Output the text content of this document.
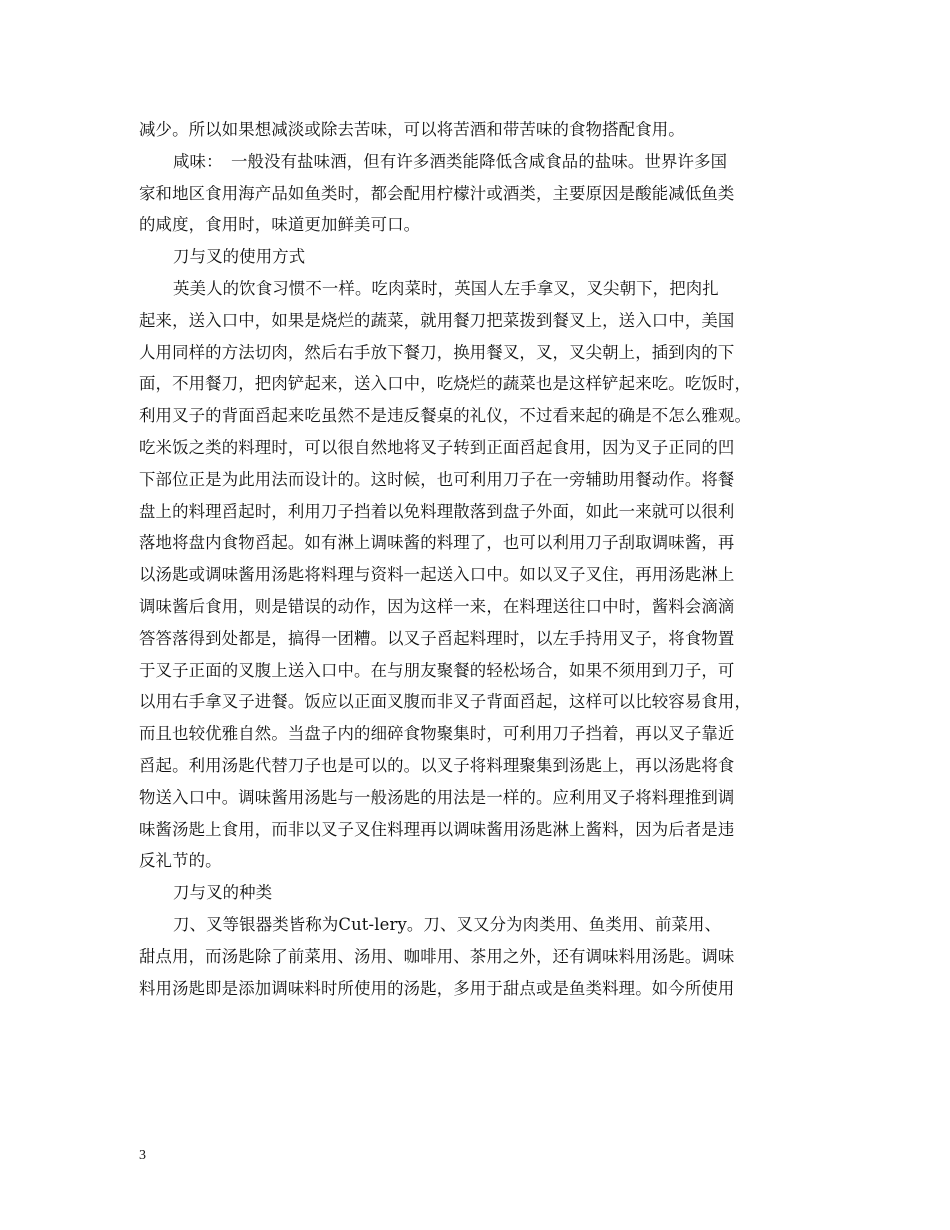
减少。所以如果想减淡或除去苦味，可以将苦酒和带苦味的食物搭配食用。
咸味：　一般没有盐味酒，但有许多酒类能降低含咸食品的盐味。世界许多国
家和地区食用海产品如鱼类时，都会配用柠檬汁或酒类，主要原因是酸能减低鱼类
的咸度，食用时，味道更加鲜美可口。
刀与叉的使用方式
英美人的饮食习惯不一样。吃肉菜时，英国人左手拿叉，叉尖朝下，把肉扎
起来，送入口中，如果是烧烂的蔬菜，就用餐刀把菜拨到餐叉上，送入口中，美国
人用同样的方法切肉，然后右手放下餐刀，换用餐叉，叉，叉尖朝上，插到肉的下
面，不用餐刀，把肉铲起来，送入口中，吃烧烂的蔬菜也是这样铲起来吃。吃饭时，
利用叉子的背面舀起来吃虽然不是违反餐桌的礼仪，不过看来起的确是不怎么雅观。
吃米饭之类的料理时，可以很自然地将叉子转到正面舀起食用，因为叉子正同的凹
下部位正是为此用法而设计的。这时候，也可利用刀子在一旁辅助用餐动作。将餐
盘上的料理舀起时，利用刀子挡着以免料理散落到盘子外面，如此一来就可以很利
落地将盘内食物舀起。如有淋上调味酱的料理了，也可以利用刀子刮取调味酱，再
以汤匙或调味酱用汤匙将料理与资料一起送入口中。如以叉子叉住，再用汤匙淋上
调味酱后食用，则是错误的动作，因为这样一来，在料理送往口中时，酱料会滴滴
答答落得到处都是，搞得一团糟。以叉子舀起料理时，以左手持用叉子，将食物置
于叉子正面的叉腹上送入口中。在与朋友聚餐的轻松场合，如果不须用到刀子，可
以用右手拿叉子进餐。饭应以正面叉腹而非叉子背面舀起，这样可以比较容易食用，
而且也较优雅自然。当盘子内的细碎食物聚集时，可利用刀子挡着，再以叉子靠近
舀起。利用汤匙代替刀子也是可以的。以叉子将料理聚集到汤匙上，再以汤匙将食
物送入口中。调味酱用汤匙与一般汤匙的用法是一样的。应利用叉子将料理推到调
味酱汤匙上食用，而非以叉子叉住料理再以调味酱用汤匙淋上酱料，因为后者是违
反礼节的。
刀与叉的种类
刀、叉等银器类皆称为Cut-lery。刀、叉又分为肉类用、鱼类用、前菜用、
甜点用，而汤匙除了前菜用、汤用、咖啡用、茶用之外，还有调味料用汤匙。调味
料用汤匙即是添加调味料时所使用的汤匙，多用于甜点或是鱼类料理。如今所使用
3
